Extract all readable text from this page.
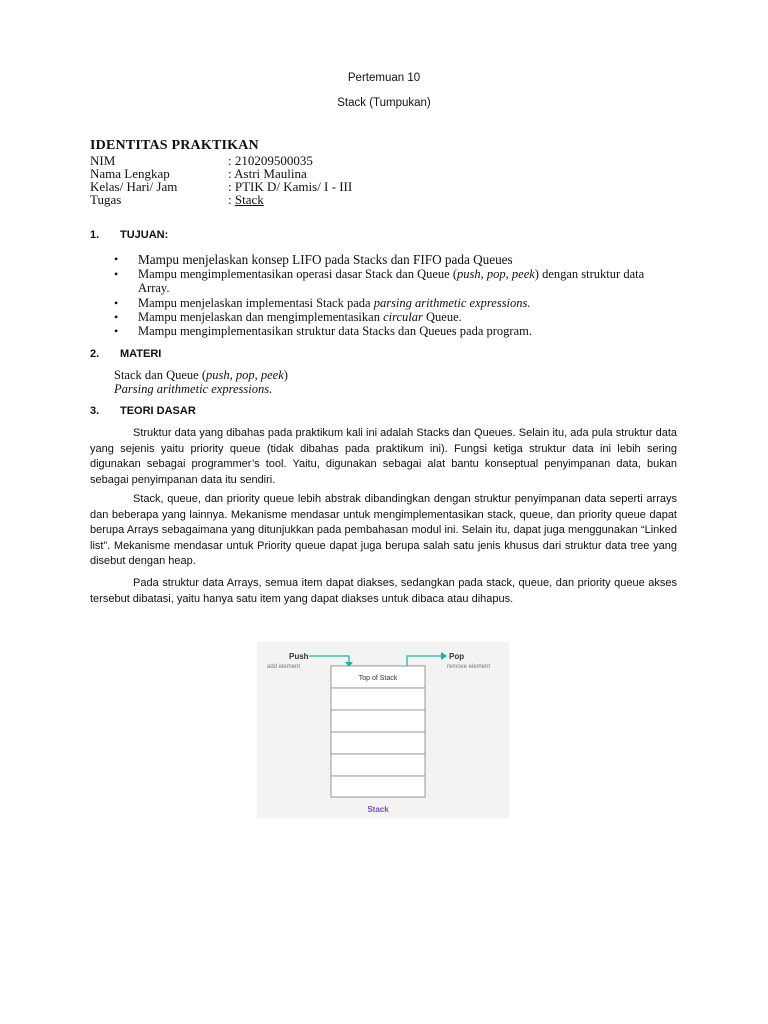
Pertemuan 10
Stack (Tumpukan)
IDENTITAS PRAKTIKAN
NIM	: 210209500035
Nama Lengkap	: Astri Maulina
Kelas/ Hari/ Jam	: PTIK D/ Kamis/ I - III
Tugas	: Stack
1. TUJUAN:
• Mampu menjelaskan konsep LIFO pada Stacks dan FIFO pada Queues
• Mampu mengimplementasikan operasi dasar Stack dan Queue (push, pop, peek) dengan struktur data Array.
• Mampu menjelaskan implementasi Stack pada parsing arithmetic expressions.
• Mampu menjelaskan dan mengimplementasikan circular Queue.
• Mampu mengimplementasikan struktur data Stacks dan Queues pada program.
2. MATERI
Stack dan Queue (push, pop, peek)
Parsing arithmetic expressions.
3. TEORI DASAR
Struktur data yang dibahas pada praktikum kali ini adalah Stacks dan Queues. Selain itu, ada pula struktur data yang sejenis yaitu priority queue (tidak dibahas pada praktikum ini). Fungsi ketiga struktur data ini lebih sering digunakan sebagai programmer’s tool. Yaitu, digunakan sebagai alat bantu konseptual penyimpanan data, bukan sebagai penyimpanan data itu sendiri.
Stack, queue, dan priority queue lebih abstrak dibandingkan dengan struktur penyimpanan data seperti arrays dan beberapa yang lainnya. Mekanisme mendasar untuk mengimplementasikan stack, queue, dan priority queue dapat berupa Arrays sebagaimana yang ditunjukkan pada pembahasan modul ini. Selain itu, dapat juga menggunakan “Linked list”. Mekanisme mendasar untuk Priority queue dapat juga berupa salah satu jenis khusus dari struktur data tree yang disebut dengan heap.
Pada struktur data Arrays, semua item dapat diakses, sedangkan pada stack, queue, dan priority queue akses tersebut dibatasi, yaitu hanya satu item yang dapat diakses untuk dibaca atau dihapus.
Push
add element
Pop
remove element
Top of Stack
Stack
